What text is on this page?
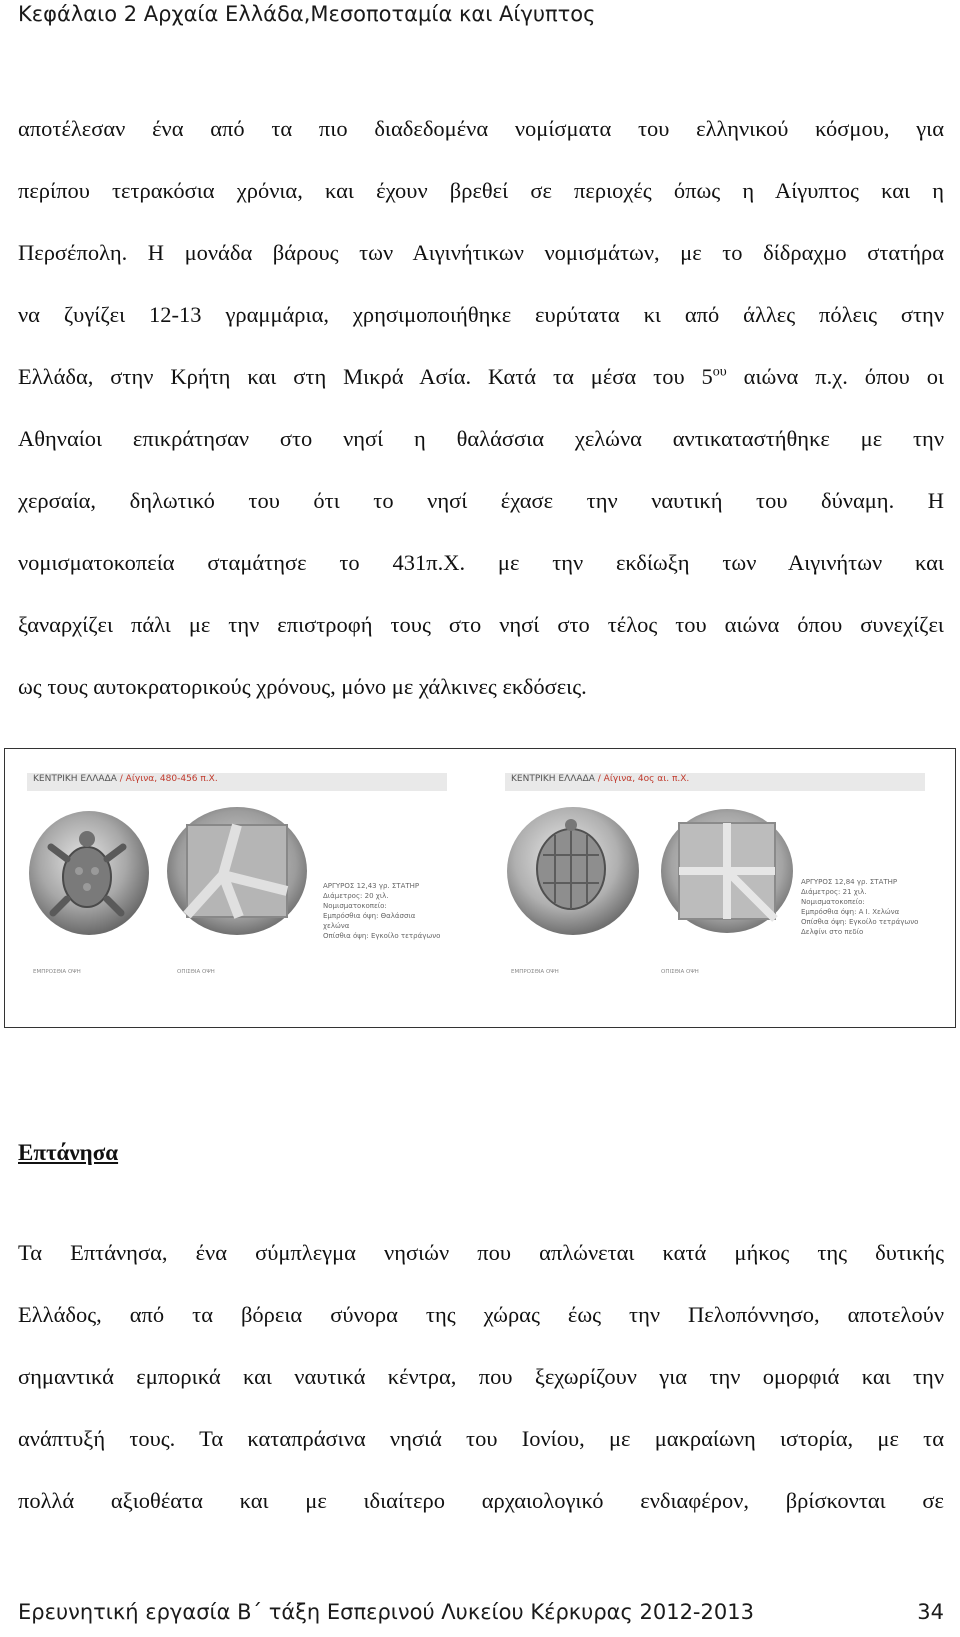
Κεφάλαιο 2 Αρχαία Ελλάδα,Μεσοποταμία και Αίγυπτος
αποτέλεσαν ένα από τα πιο διαδεδομένα νομίσματα του ελληνικού κόσμου, για
περίπου τετρακόσια χρόνια, και έχουν βρεθεί σε περιοχές όπως η Αίγυπτος και η
Περσέπολη. Η μονάδα βάρους των Αιγινήτικων νομισμάτων, με το δίδραχμο στατήρα
να ζυγίζει 12-13 γραμμάρια, χρησιμοποιήθηκε ευρύτατα κι από άλλες πόλεις στην
Ελλάδα, στην Κρήτη και στη Μικρά Ασία. Κατά τα μέσα του $5^{o\upsilon}$ αιώνα π.χ. όπου οι
Αθηναίοι επικράτησαν στο νησί η θαλάσσια χελώνα αντικαταστήθηκε με την
χερσαία, δηλωτικό του ότι το νησί έχασε την ναυτική του δύναμη. Η
νομισματοκοπεία σταμάτησε το 431π.Χ. με την εκδίωξη των Αιγινήτων και
ξαναρχίζει πάλι με την επιστροφή τους στο νησί στο τέλος του αιώνα όπου συνεχίζει
ως τους αυτοκρατορικούς χρόνους, μόνο με χάλκινες εκδόσεις.
ΚΕΝΤΡΙΚΗ ΕΛΛΑΔΑ / Αίγινα, 480-456 π.Χ.
ΑΡΓΥΡΟΣ 12,43 γρ. ΣΤΑΤΗΡ
Διάμετρος: 20 χιλ.
Νομισματοκοπείο:
Εμπρόσθια όψη: Θαλάσσια χελώνα
Οπίσθια όψη: Εγκοίλο τετράγωνο
ΕΜΠΡΟΣΘΙΑ ΟΨΗ	ΟΠΙΣΘΙΑ ΟΨΗ
ΚΕΝΤΡΙΚΗ ΕΛΛΑΔΑ / Αίγινα, 4ος αι. π.Χ.
ΑΡΓΥΡΟΣ 12,84 γρ. ΣΤΑΤΗΡ
Διάμετρος: 21 χιλ.
Νομισματοκοπείο:
Εμπρόσθια όψη: Α Ι. Χελώνα
Οπίσθια όψη: Εγκοίλο τετράγωνο
Δελφίνι στο πεδίο
ΕΜΠΡΟΣΘΙΑ ΟΨΗ	ΟΠΙΣΘΙΑ ΟΨΗ
Επτάνησα
Τα Επτάνησα, ένα σύμπλεγμα νησιών που απλώνεται κατά μήκος της δυτικής
Ελλάδος, από τα βόρεια σύνορα της χώρας έως την Πελοπόννησο, αποτελούν
σημαντικά εμπορικά και ναυτικά κέντρα, που ξεχωρίζουν για την ομορφιά και την
ανάπτυξή τους. Τα καταπράσινα νησιά του Ιονίου, με μακραίωνη ιστορία, με τα
πολλά αξιοθέατα και με ιδιαίτερο αρχαιολογικό ενδιαφέρον, βρίσκονται σε
Ερευνητική εργασία Β΄ τάξη Εσπερινού Λυκείου Κέρκυρας 2012-2013	34
